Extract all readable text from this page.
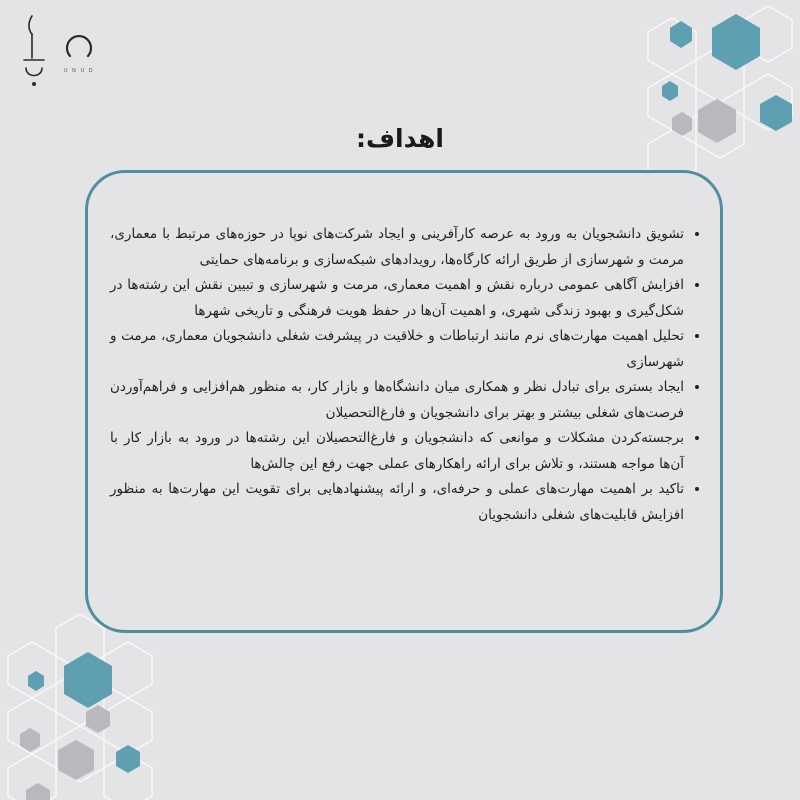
U N U D
اهداف:
• تشویق دانشجویان به ورود به عرصه کارآفرینی و ایجاد شرکت‌های نوپا در حوزه‌های مرتبط با معماری، مرمت و شهرسازی از طریق ارائه کارگاه‌ها، رویدادهای شبکه‌سازی و برنامه‌های حمایتی
• افزایش آگاهی عمومی درباره نقش و اهمیت معماری، مرمت و شهرسازی و تبیین نقش این رشته‌ها در شکل‌گیری و بهبود زندگی شهری، و اهمیت آن‌ها در حفظ هویت فرهنگی و تاریخی شهرها
• تحلیل اهمیت مهارت‌های نرم مانند ارتباطات و خلاقیت در پیشرفت شغلی دانشجویان معماری، مرمت و شهرسازی
• ایجاد بستری برای تبادل نظر و همکاری میان دانشگاه‌ها و بازار کار، به منظور هم‌افزایی و فراهم‌آوردن فرصت‌های شغلی بیشتر و بهتر برای دانشجویان و فارغ‌التحصیلان
• برجسته‌کردن مشکلات و موانعی که دانشجویان و فارغ‌التحصیلان این رشته‌ها در ورود به بازار کار با آن‌ها مواجه هستند، و تلاش برای ارائه راهکارهای عملی جهت رفع این چالش‌ها
• تاکید بر اهمیت مهارت‌های عملی و حرفه‌ای، و ارائه پیشنهادهایی برای تقویت این مهارت‌ها به منظور افزایش قابلیت‌های شغلی دانشجویان
